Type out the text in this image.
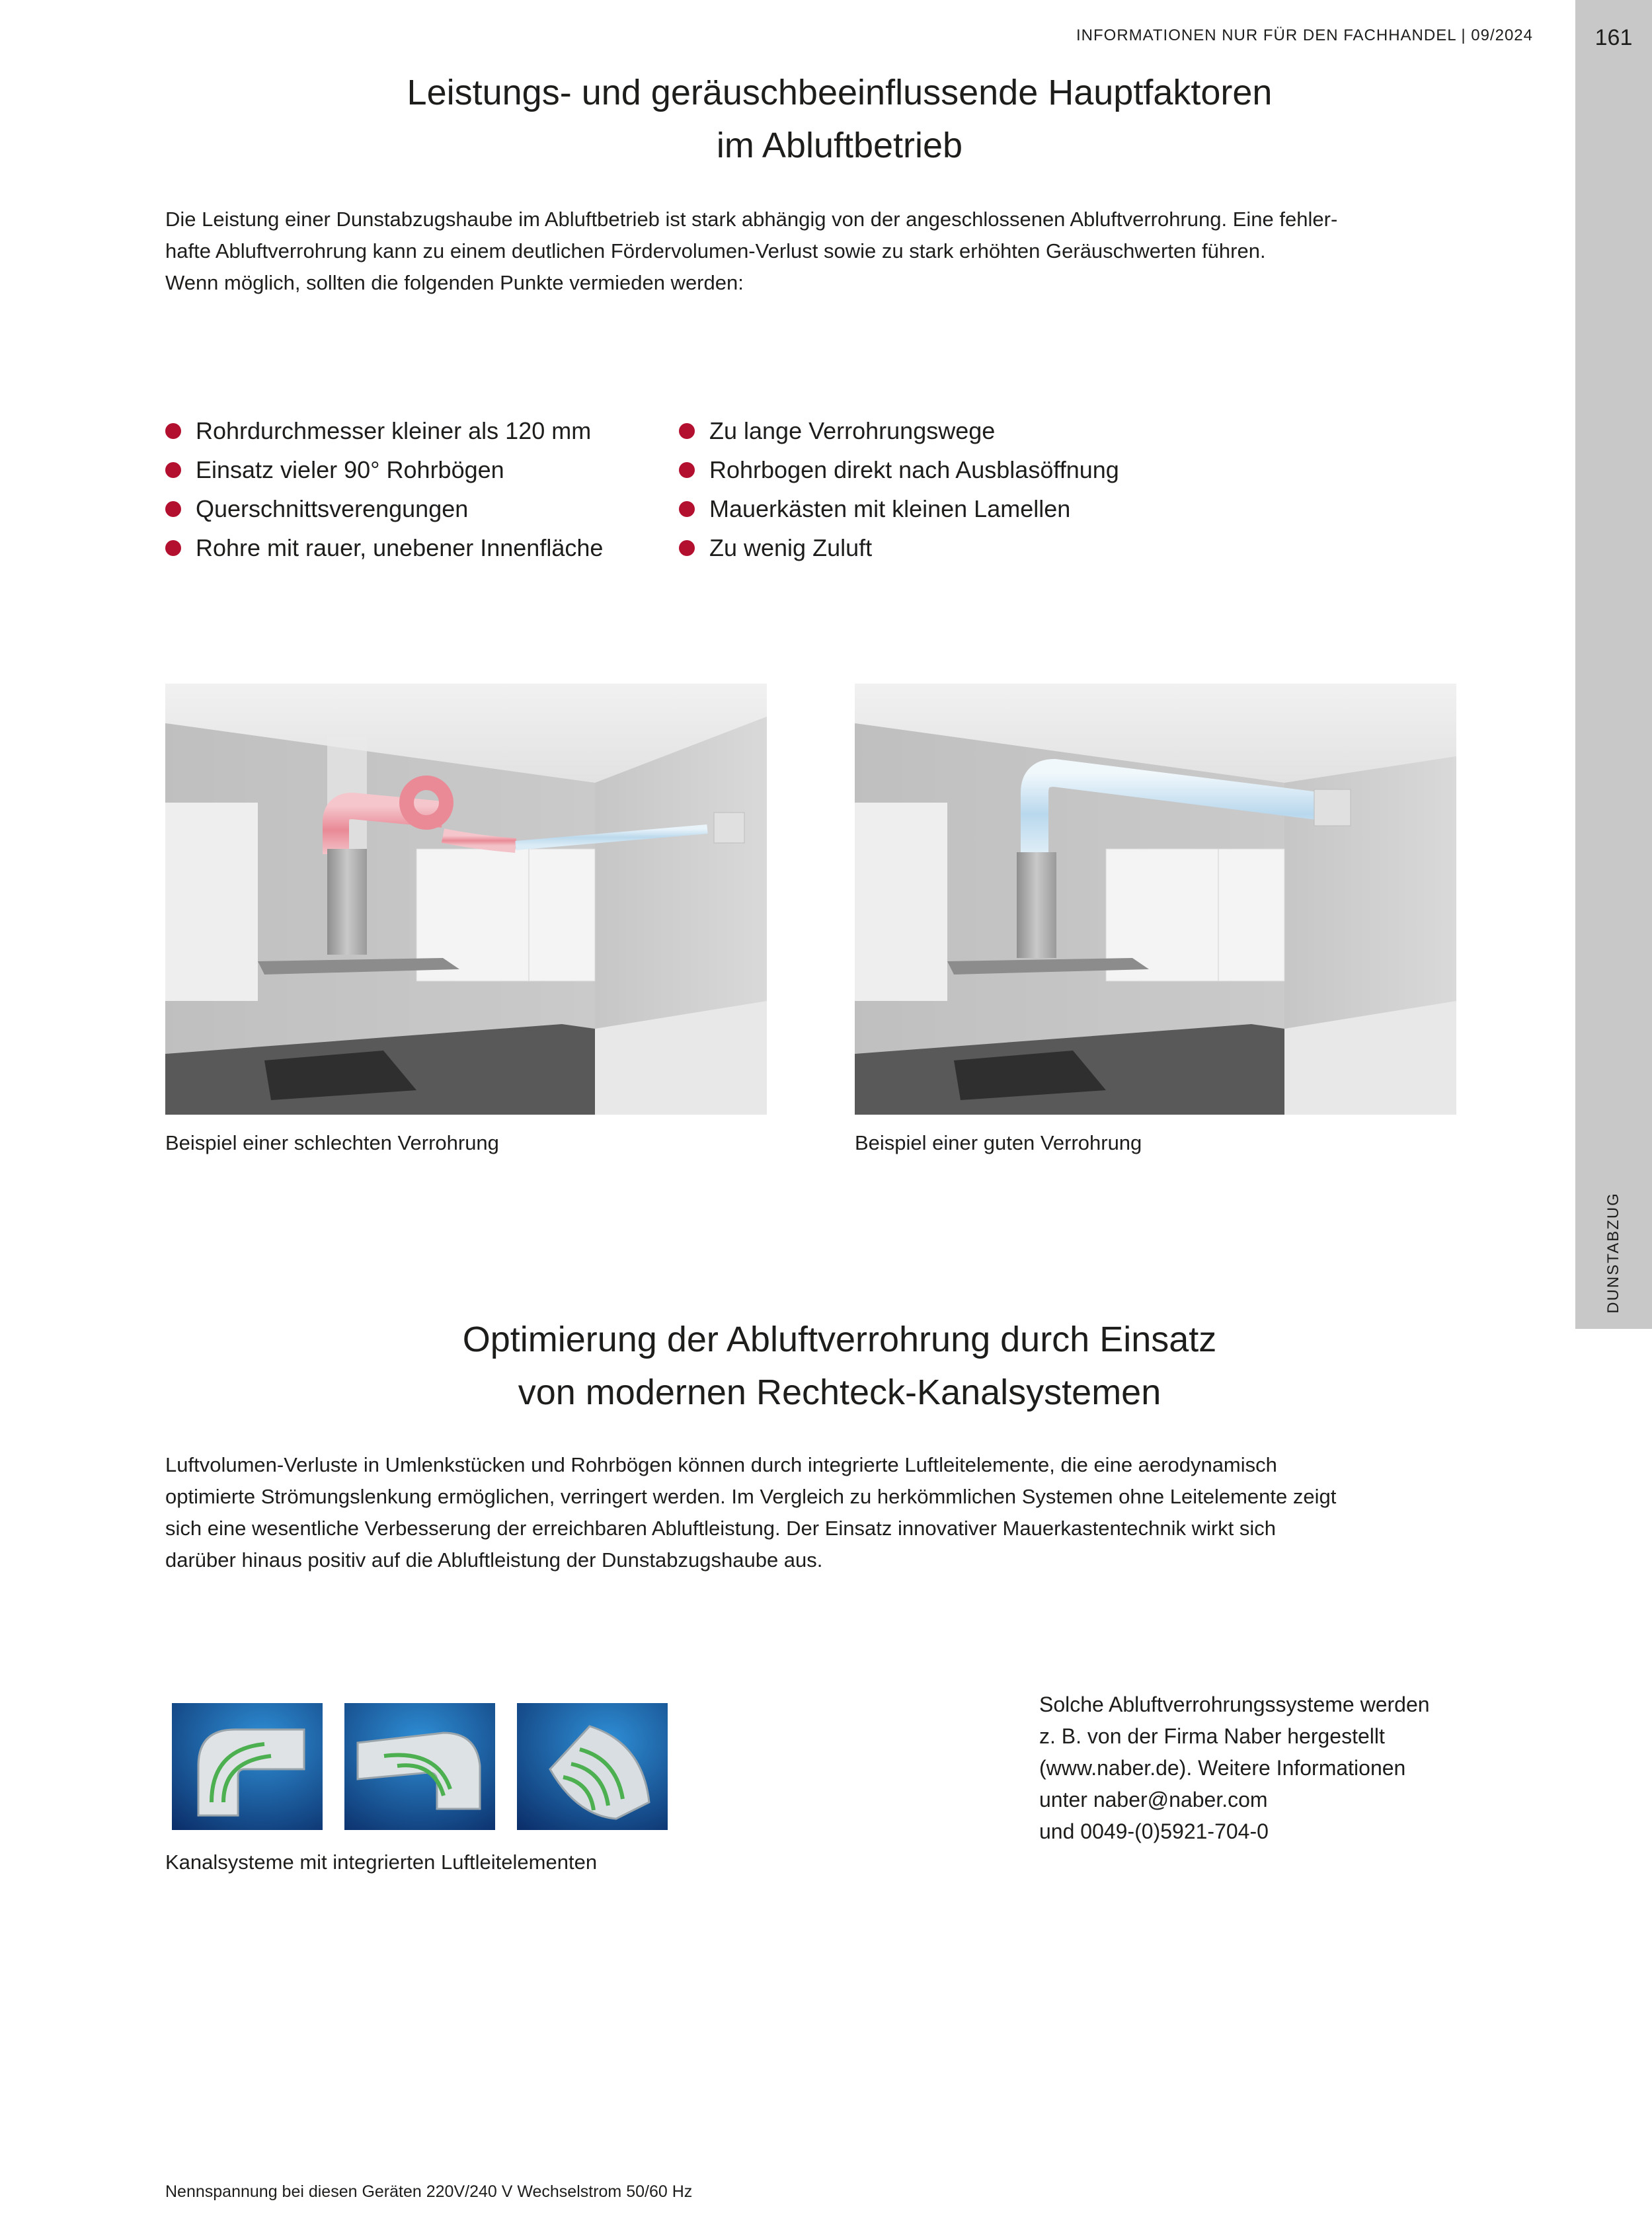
161
DUNSTABZUG
INFORMATIONEN NUR FÜR DEN FACHHANDEL | 09/2024
Leistungs- und geräuschbeeinflussende Hauptfaktoren
im Abluftbetrieb

Die Leistung einer Dunstabzugshaube im Abluftbetrieb ist stark abhängig von der angeschlossenen Abluftverrohrung. Eine fehler-
hafte Abluftverrohrung kann zu einem deutlichen Fördervolumen-Verlust sowie zu stark erhöhten Geräuschwerten führen.
Wenn möglich, sollten die folgenden Punkte vermieden werden:

Rohrdurchmesser kleiner als 120 mm
Einsatz vieler 90° Rohrbögen
Querschnittsverengungen
Rohre mit rauer, unebener Innenfläche
Zu lange Verrohrungswege
Rohrbogen direkt nach Ausblasöffnung
Mauerkästen mit kleinen Lamellen
Zu wenig Zuluft
Beispiel einer schlechten Verrohrung	Beispiel einer guten Verrohrung
Optimierung der Abluftverrohrung durch Einsatz
von modernen Rechteck-Kanalsystemen

Luftvolumen-Verluste in Umlenkstücken und Rohrbögen können durch integrierte Luftleitelemente, die eine aerodynamisch
optimierte Strömungslenkung ermöglichen, verringert werden. Im Vergleich zu herkömmlichen Systemen ohne Leitelemente zeigt
sich eine wesentliche Verbesserung der erreichbaren Abluftleistung. Der Einsatz innovativer Mauerkastentechnik wirkt sich
darüber hinaus positiv auf die Abluftleistung der Dunstabzugshaube aus.

Kanalsysteme mit integrierten Luftleitelementen

Solche Abluftverrohrungssysteme werden
z. B. von der Firma Naber hergestellt
(www.naber.de). Weitere Informationen
unter naber@naber.com
und 0049-(0)5921-704-0

Nennspannung bei diesen Geräten 220V/240 V Wechselstrom 50/60 Hz
